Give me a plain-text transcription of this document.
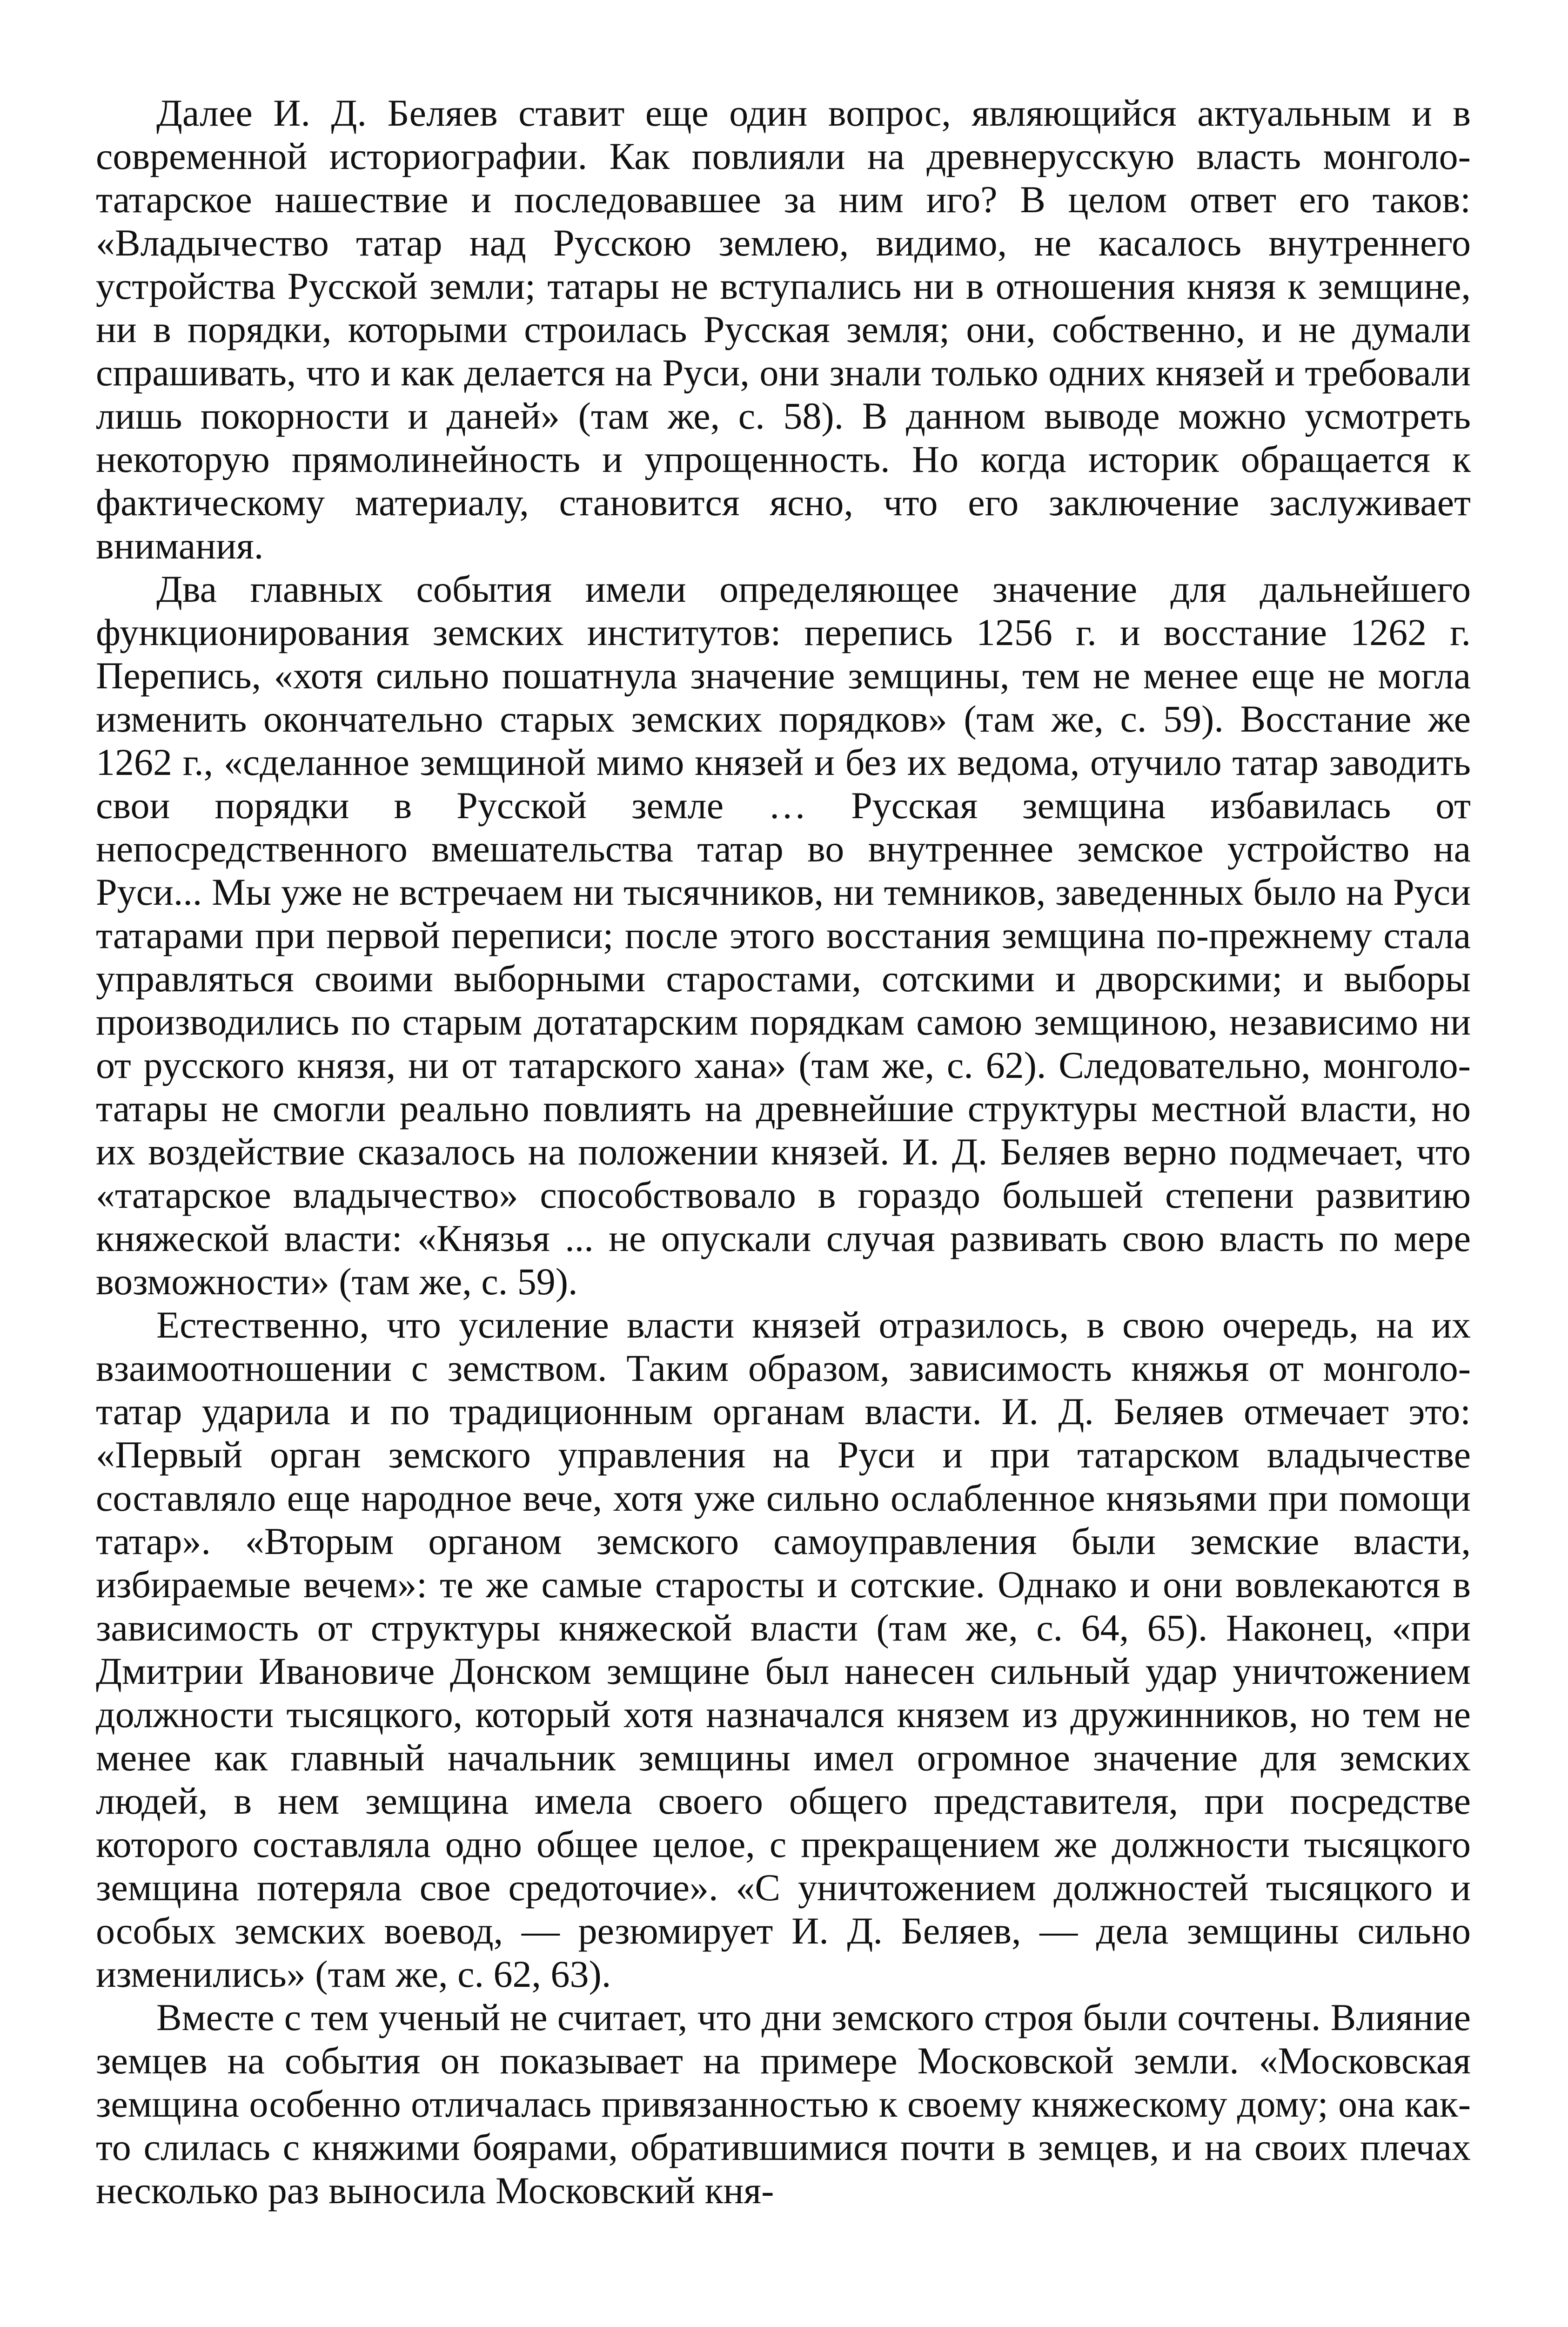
Далее И. Д. Беляев ставит еще один вопрос, являющийся актуальным и в современной историографии. Как повлияли на древнерусскую власть монголо-татарское нашествие и последовавшее за ним иго? В целом ответ его таков: «Владычество татар над Русскою землею, видимо, не касалось внутреннего устройства Русской земли; татары не вступались ни в отношения князя к земщине, ни в порядки, которыми строилась Русская земля; они, собственно, и не думали спрашивать, что и как делается на Руси, они знали только одних князей и требовали лишь покорности и даней» (там же, с. 58). В данном выводе можно усмотреть некоторую прямолинейность и упрощенность. Но когда историк обращается к фактическому материалу, становится ясно, что его заключение заслуживает внимания.

Два главных события имели определяющее значение для дальнейшего функционирования земских институтов: перепись 1256 г. и восстание 1262 г. Перепись, «хотя сильно пошатнула значение земщины, тем не менее еще не могла изменить окончательно старых земских порядков» (там же, с. 59). Восстание же 1262 г., «сделанное земщиной мимо князей и без их ведома, отучило татар заводить свои порядки в Русской земле … Русская земщина избавилась от непосредственного вмешательства татар во внутреннее земское устройство на Руси... Мы уже не встречаем ни тысячников, ни темников, заведенных было на Руси татарами при первой переписи; после этого восстания земщина по-прежнему стала управляться своими выборными старостами, сотскими и дворскими; и выборы производились по старым дотатарским порядкам самою земщиною, независимо ни от русского князя, ни от татарского хана» (там же, с. 62). Следовательно, монголо-татары не смогли реально повлиять на древнейшие структуры местной власти, но их воздействие сказалось на положении князей. И. Д. Беляев верно подмечает, что «татарское владычество» способствовало в гораздо большей степени развитию княжеской власти: «Князья ... не опускали случая развивать свою власть по мере возможности» (там же, с. 59).

Естественно, что усиление власти князей отразилось, в свою очередь, на их взаимоотношении с земством. Таким образом, зависимость княжья от монголо-татар ударила и по традиционным органам власти. И. Д. Беляев отмечает это: «Первый орган земского управления на Руси и при татарском владычестве составляло еще народное вече, хотя уже сильно ослабленное князьями при помощи татар». «Вторым органом земского самоуправления были земские власти, избираемые вечем»: те же самые старосты и сотские. Однако и они вовлекаются в зависимость от структуры княжеской власти (там же, с. 64, 65). Наконец, «при Дмитрии Ивановиче Донском земщине был нанесен сильный удар уничтожением должности тысяцкого, который хотя назначался князем из дружинников, но тем не менее как главный начальник земщины имел огромное значение для земских людей, в нем земщина имела своего общего представителя, при посредстве которого составляла одно общее целое, с прекращением же должности тысяцкого земщина потеряла свое средоточие». «С уничтожением должностей тысяцкого и особых земских воевод, — резюмирует И. Д. Беляев, — дела земщины сильно изменились» (там же, с. 62, 63).

Вместе с тем ученый не считает, что дни земского строя были сочтены. Влияние земцев на события он показывает на примере Московской земли. «Московская земщина особенно отличалась привязанностью к своему княжескому дому; она как-то слилась с княжими боярами, обратившимися почти в земцев, и на своих плечах несколько раз выносила Московский кня-
